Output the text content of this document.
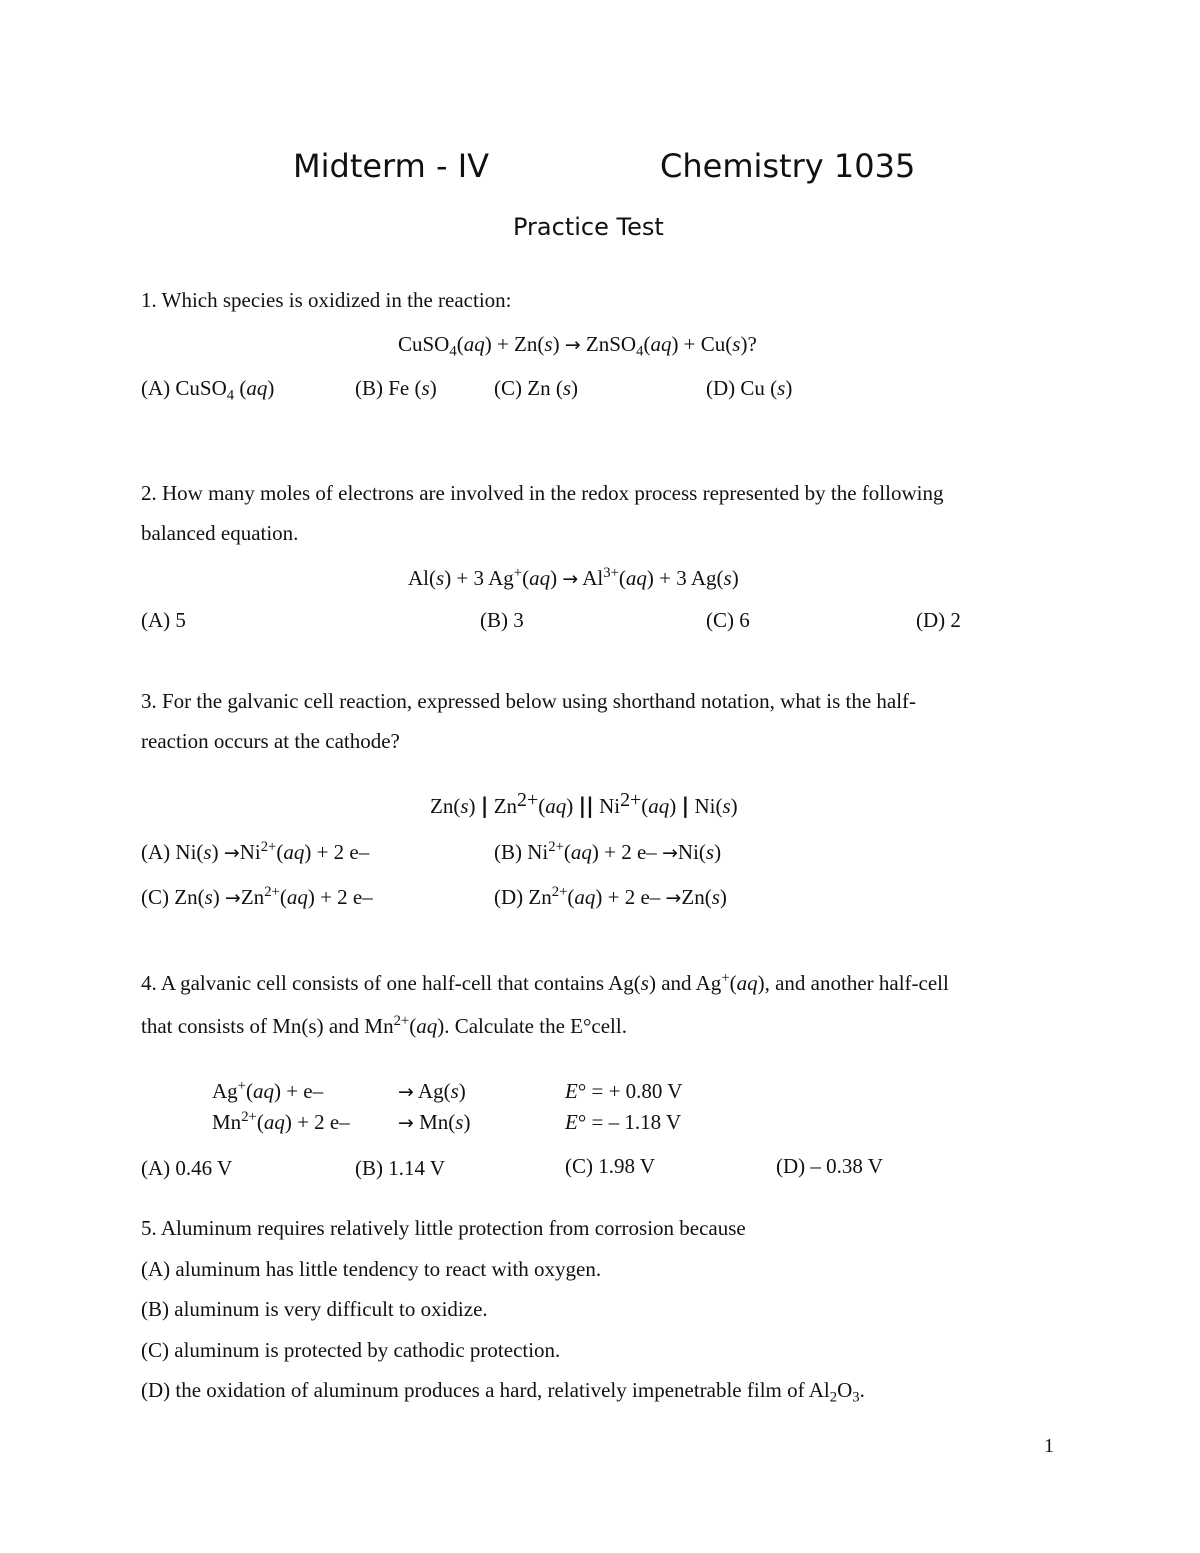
Midterm - IV	Chemistry 1035
Practice Test
1. Which species is oxidized in the reaction:
CuSO$_4$(aq) + Zn(s) → ZnSO$_4$(aq) + Cu(s)?
(A) CuSO$_4$ (aq)	(B) Fe (s)	(C) Zn (s)	(D) Cu (s)
2. How many moles of electrons are involved in the redox process represented by the following
balanced equation.
Al(s) + 3 $Ag^+(aq) \to Al^{3+}(aq) + 3$ Ag(s)
(A) 5	(B) 3	(C) 6	(D) 2
3. For the galvanic cell reaction, expressed below using shorthand notation, what is the half-
reaction occurs at the cathode?
Zn(s) | Zn2+(aq) || Ni2+(aq) | Ni(s)
(A) $Ni(s) \to Ni^{2+}(aq) + 2$ e–	(B) $Ni^{2+}(aq) + 2$ e– →Ni(s)
(C) $Zn(s) \to Zn^{2+}(aq) + 2$ e–	(D) $Zn^{2+}(aq) + 2$ e– →Zn(s)
4. A galvanic cell consists of one half-cell that contains Ag(s) and Ag+(aq), and another half-cell
that consists of Mn(s) and $Mn^{2+}(aq)$. Calculate the E°cell.
Ag+(aq) + e–	→ Ag(s)	E° = + 0.80 V
$Mn^{2+}(aq) + 2$ e–	→ Mn(s)	E° = – 1.18 V
(A) 0.46 V	(B) 1.14 V	(C) 1.98 V	(D) – 0.38 V
5. Aluminum requires relatively little protection from corrosion because
(A) aluminum has little tendency to react with oxygen.
(B) aluminum is very difficult to oxidize.
(C) aluminum is protected by cathodic protection.
(D) the oxidation of aluminum produces a hard, relatively impenetrable film of $Al_2O_3$.
1
